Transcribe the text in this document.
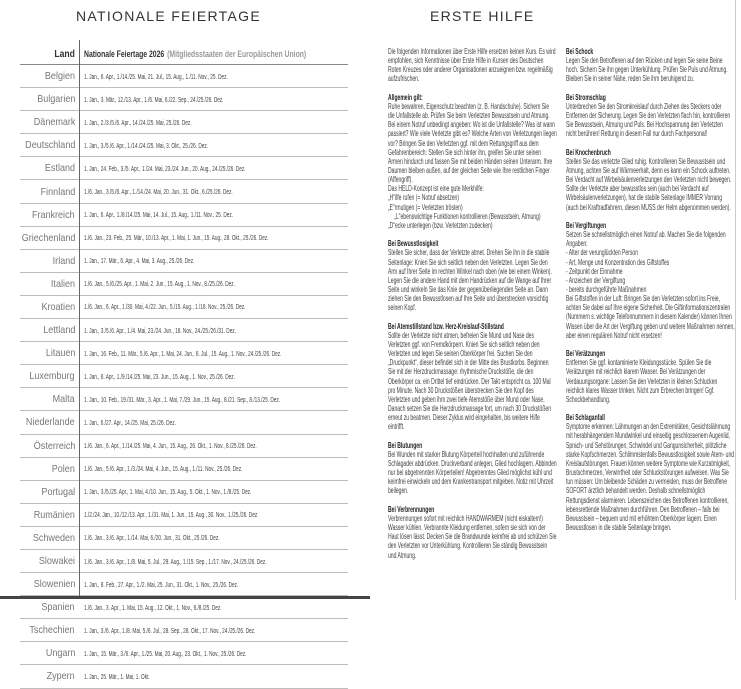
NATIONALE FEIERTAGE	ERSTE HILFE
Land Nationale Feiertage 2026 (Mitgliedsstaaten der Europäischen Union)
Belgien 1. Jan., 6. Apr., 1./14./25. Mai, 21. Jul., 15. Aug., 1./11. Nov., 25. Dez.
Bulgarien 1. Jan., 3. Mär., 12./13. Apr., 1./6. Mai, 6./22. Sep., 24./25./26. Dez.
Dänemark 1. Jan., 2./3./5./6. Apr., 14./24./25. Mai, 25./26. Dez.
Deutschland 1. Jan., 3./5./6. Apr., 1./14./24./25. Mai, 3. Okt., 25./26. Dez.
Estland 1. Jan., 24. Feb., 3./5. Apr., 1./24. Mai, 23./24. Jun., 20. Aug., 24./25./26. Dez.
Finnland 1./6. Jan., 3./5./6. Apr., 1./14./24. Mai, 20. Jun., 31. Okt., 6./25./26. Dez.
Frankreich 1. Jan., 6. Apr., 1./8./14./25. Mai, 14. Jul., 15. Aug., 1./11. Nov., 25. Dez.
Griechenland 1./6. Jan., 23. Feb., 25. Mär., 10./13. Apr., 1. Mai, 1. Jun., 15. Aug., 28. Okt., 25./26. Dez.
Irland 1. Jan., 17. Mär., 6. Apr., 4. Mai, 3. Aug., 25./26. Dez.
Italien 1./6. Jan., 5./6./25. Apr., 1. Mai, 2. Jun., 15. Aug., 1. Nov., 8./25./26. Dez.
Kroatien 1./6. Jan., 6. Apr., 1./30. Mai, 4./22. Jun., 5./15. Aug., 1./18. Nov., 25./26. Dez.
Lettland 1. Jan., 3./5./6. Apr., 1./4. Mai, 23./24. Jun., 18. Nov., 24./25./26./31. Dez.
Litauen 1. Jan., 16. Feb., 11. Mär., 5./6. Apr., 1. Mai, 24. Jun., 6. Jul., 15. Aug., 1. Nov., 24./25./26. Dez.
Luxemburg 1. Jan., 6. Apr., 1./9./14./25. Mai, 23. Jun., 15. Aug., 1. Nov., 25./26. Dez.
Malta 1. Jan., 10. Feb., 19./31. Mär., 3. Apr., 1. Mai, 7./29. Jun., 15. Aug., 8./21. Sep., 8./13./25. Dez.
Niederlande 1. Jan., 6./27. Apr., 14./25. Mai, 25./26. Dez.
Österreich 1./6. Jan., 6. Apr., 1./14./25. Mai, 4. Jun., 15. Aug., 26. Okt., 1. Nov., 8./25./26. Dez.
Polen 1./6. Jan., 5./6. Apr., 1./3./24. Mai, 4. Jun., 15. Aug., 1./11. Nov., 25./26. Dez.
Portugal 1. Jan., 3./5./25. Apr., 1. Mai, 4./10. Jun., 15. Aug., 5. Okt., 1. Nov., 1./8./25. Dez.
Rumänien 1./2./24. Jan., 10./12./13. Apr., 1./31. Mai, 1. Jun., 15. Aug., 30. Nov., 1./25./26. Dez.
Schweden 1./6. Jan., 3./6. Apr., 1./14. Mai, 6./20. Jun., 31. Okt., 25./26. Dez.
Slowakei 1./6. Jan., 3./6. Apr., 1./8. Mai, 5. Jul., 29. Aug., 1./15. Sep., 1./17. Nov., 24./25./26. Dez.
Slowenien 1. Jan., 8. Feb., 27. Apr., 1./2. Mai, 25. Jun., 31. Okt., 1. Nov., 25./26. Dez.
Spanien 1./6. Jan., 3. Apr., 1. Mai, 15. Aug., 12. Okt., 1. Nov., 6./8./25. Dez.
Tschechien 1. Jan., 3./6. Apr., 1./8. Mai, 5./6. Jul., 28. Sep., 28. Okt., 17. Nov., 24./25./26. Dez.
Ungarn 1. Jan., 15. Mär., 3./6. Apr., 1./25. Mai, 20. Aug., 23. Okt., 1. Nov., 25./26. Dez.
Zypern 1. Jan., 25. Mär., 1. Mai, 1. Okt.

Die folgenden Informationen über Erste Hilfe ersetzen keinen Kurs. Es wird empfohlen, sich Kenntnisse über Erste Hilfe in Kursen des Deutschen Roten Kreuzes oder anderer Organisationen anzueignen bzw. regelmäßig aufzufrischen.

Allgemein gilt:

Ruhe bewahren. Eigenschutz beachten (z. B. Handschuhe). Sichern Sie die Unfallstelle ab. Prüfen Sie beim Verletzten Bewusstsein und Atmung. Bei einem Notruf unbedingt angeben: Wo ist die Unfallstelle? Was ist wann passiert? Wie viele Verletzte gibt es? Welche Arten von Verletzungen liegen vor? Bringen Sie den Verletzten ggf. mit dem Rettungsgriff aus dem Gefahrenbereich: Stellen Sie sich hinter ihn, greifen Sie unter seinen Armen hindurch und fassen Sie mit beiden Händen seinen Unterarm. Ihre Daumen bleiben außen, auf der gleichen Seite wie Ihre restlichen Finger (Affengriff).

Das HELD-Konzept ist eine gute Merkhilfe:

„H“ilfe rufen (= Notruf absetzen)

„E“rmutigen (= Verletzten trösten)

„L“ebenswichtige Funktionen kontrollieren (Bewusstsein, Atmung)

„D“ecke unterlegen (bzw. Verletzten zudecken)

Bei Bewusstlosigkeit

Stellen Sie sicher, dass der Verletzte atmet. Drehen Sie ihn in die stabile Seitenlage: Knien Sie sich seitlich neben den Verletzten. Legen Sie den Arm auf Ihrer Seite im rechten Winkel nach oben (wie bei einem Winken). Legen Sie die andere Hand mit dem Handrücken auf die Wange auf Ihrer Seite und winkeln Sie das Knie der gegenüberliegenden Seite an. Dann ziehen Sie den Bewusstlosen auf Ihre Seite und überstrecken vorsichtig seinen Kopf.

Bei Atemstillstand bzw. Herz-Kreislauf-Stillstand

Sollte der Verletzte nicht atmen, befreien Sie Mund und Nase des Verletzten ggf. von Fremdkörpern. Knien Sie sich seitlich neben den Verletzten und legen Sie seinen Oberkörper frei. Suchen Sie den „Druckpunkt“, dieser befindet sich in der Mitte des Brustkorbs. Beginnen Sie mit der Herzdruckmassage: rhythmische Druckstöße, die den Oberkörper ca. ein Drittel tief eindrücken. Der Takt entspricht ca. 100 Mal pro Minute. Nach 30 Druckstößen überstrecken Sie den Kopf des Verletzten und geben ihm zwei tiefe Atemstöße über Mund oder Nase. Danach setzen Sie die Herzdruckmassage fort, um nach 30 Druckstößen erneut zu beatmen. Dieser Zyklus wird eingehalten, bis weitere Hilfe eintrifft.

Bei Blutungen

Bei Wunden mit starker Blutung Körperteil hochhalten und zuführende Schlagader abdrücken. Druckverband anlegen, Glied hochlagern. Abbinden nur bei abgetrennten Körperteilen! Abgetrenntes Glied möglichst kühl und keimfrei einwickeln und dem Krankentransport mitgeben. Notiz mit Uhrzeit beilegen.

Bei Verbrennungen

Verbrennungen sofort mit reichlich HANDWARMEM (nicht eiskaltem!) Wasser kühlen. Verbrannte Kleidung entfernen, sofern sie sich von der Haut lösen lässt. Decken Sie die Brandwunde keimfrei ab und schützen Sie den Verletzten vor Unterkühlung. Kontrollieren Sie ständig Bewusstsein und Atmung.

Bei Schock

Legen Sie den Betroffenen auf den Rücken und legen Sie seine Beine hoch. Sichern Sie ihn gegen Unterkühlung. Prüfen Sie Puls und Atmung. Bleiben Sie in seiner Nähe, reden Sie ihm beruhigend zu.

Bei Stromschlag

Unterbrechen Sie den Stromkreislauf durch Ziehen des Steckers oder Entfernen der Sicherung. Legen Sie den Verletzten flach hin, kontrollieren Sie Bewusstsein, Atmung und Puls. Bei Hochspannung den Verletzten nicht berühren! Rettung in diesem Fall nur durch Fachpersonal!

Bei Knochenbruch

Stellen Sie das verletzte Glied ruhig. Kontrollieren Sie Bewusstsein und Atmung, achten Sie auf Wärmeerhalt, denn es kann ein Schock auftreten. Bei Verdacht auf Wirbelsäulenverletzungen den Verletzten nicht bewegen. Sollte der Verletzte aber bewusstlos sein (auch bei Verdacht auf Wirbelsäulenverletzungen), hat die stabile Seitenlage IMMER Vorrang (auch bei Kraftradfahrern, diesen MUSS der Helm abgenommen werden).

Bei Vergiftungen

Setzen Sie schnellstmöglich einen Notruf ab. Machen Sie die folgenden Angaben:

- Alter der verunglückten Person

- Art, Menge und Konzentration des Giftstoffes

- Zeitpunkt der Einnahme

- Anzeichen der Vergiftung

- bereits durchgeführte Maßnahmen

Bei Giftstoffen in der Luft: Bringen Sie den Verletzten sofort ins Freie, achten Sie dabei auf Ihre eigene Sicherheit. Die Giftinformationszentralen (Nummern s. wichtige Telefonnummern in diesem Kalender) können Ihnen Wissen über die Art der Vergiftung geben und weitere Maßnahmen nennen, aber einen regulären Notruf nicht ersetzen!

Bei Verätzungen

Entfernen Sie ggf. kontaminierte Kleidungsstücke. Spülen Sie die Verätzungen mit reichlich klarem Wasser. Bei Verätzungen der Verdauungsorgane: Lassen Sie den Verletzten in kleinen Schlucken reichlich klares Wasser trinken. Nicht zum Erbrechen bringen! Ggf. Schockbehandlung.

Bei Schlaganfall

Symptome erkennen: Lähmungen an den Extremitäten, Gesichtslähmung mit herabhängendem Mundwinkel und einseitig geschlossenem Augenlid, Sprach- und Sehstörungen, Schwindel und Gangunsicherheit, plötzliche starke Kopfschmerzen. Schlimmstenfalls Bewusstlosigkeit sowie Atem- und Kreislaufstörungen. Frauen können weitere Symptome wie Kurzatmigkeit, Brustschmerzen, Verwirrtheit oder Schluckstörungen aufweisen. Was Sie tun müssen: Um bleibende Schäden zu vermeiden, muss der Betroffene SOFORT ärztlich behandelt werden. Deshalb schnellstmöglich Rettungsdienst alarmieren. Lebenszeichen des Betroffenen kontrollieren, lebensrettende Maßnahmen durchführen. Den Betroffenen – falls bei Bewusstsein – bequem und mit erhöhtem Oberkörper lagern. Einen Bewusstlosen in die stabile Seitenlage bringen.
